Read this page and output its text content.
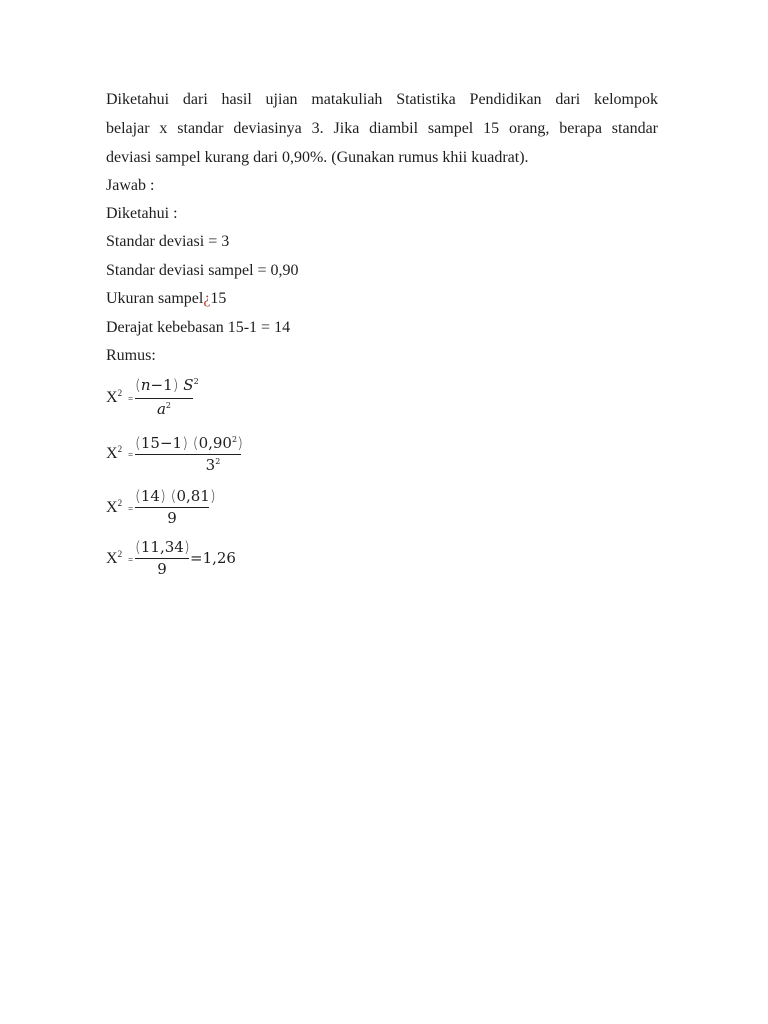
Diketahui dari hasil ujian matakuliah Statistika Pendidikan dari kelompok
belajar x standar deviasinya 3. Jika diambil sampel 15 orang, berapa standar
deviasi sampel kurang dari 0,90%. (Gunakan rumus khii kuadrat).
Jawab :
Diketahui :
Standar deviasi = 3
Standar deviasi sampel = 0,90
Ukuran sampel¿15
Derajat kebebasan 15-1 = 14
Rumus:
$X^2$
=
(n−1) $S^2$
$a^2$
$X^2$
=
(15−1) (0,90$^2$)
$3^2$
$X^2$
=
(14) (0,81)
9
$X^2$
=
(11,34)
9
=1,26
